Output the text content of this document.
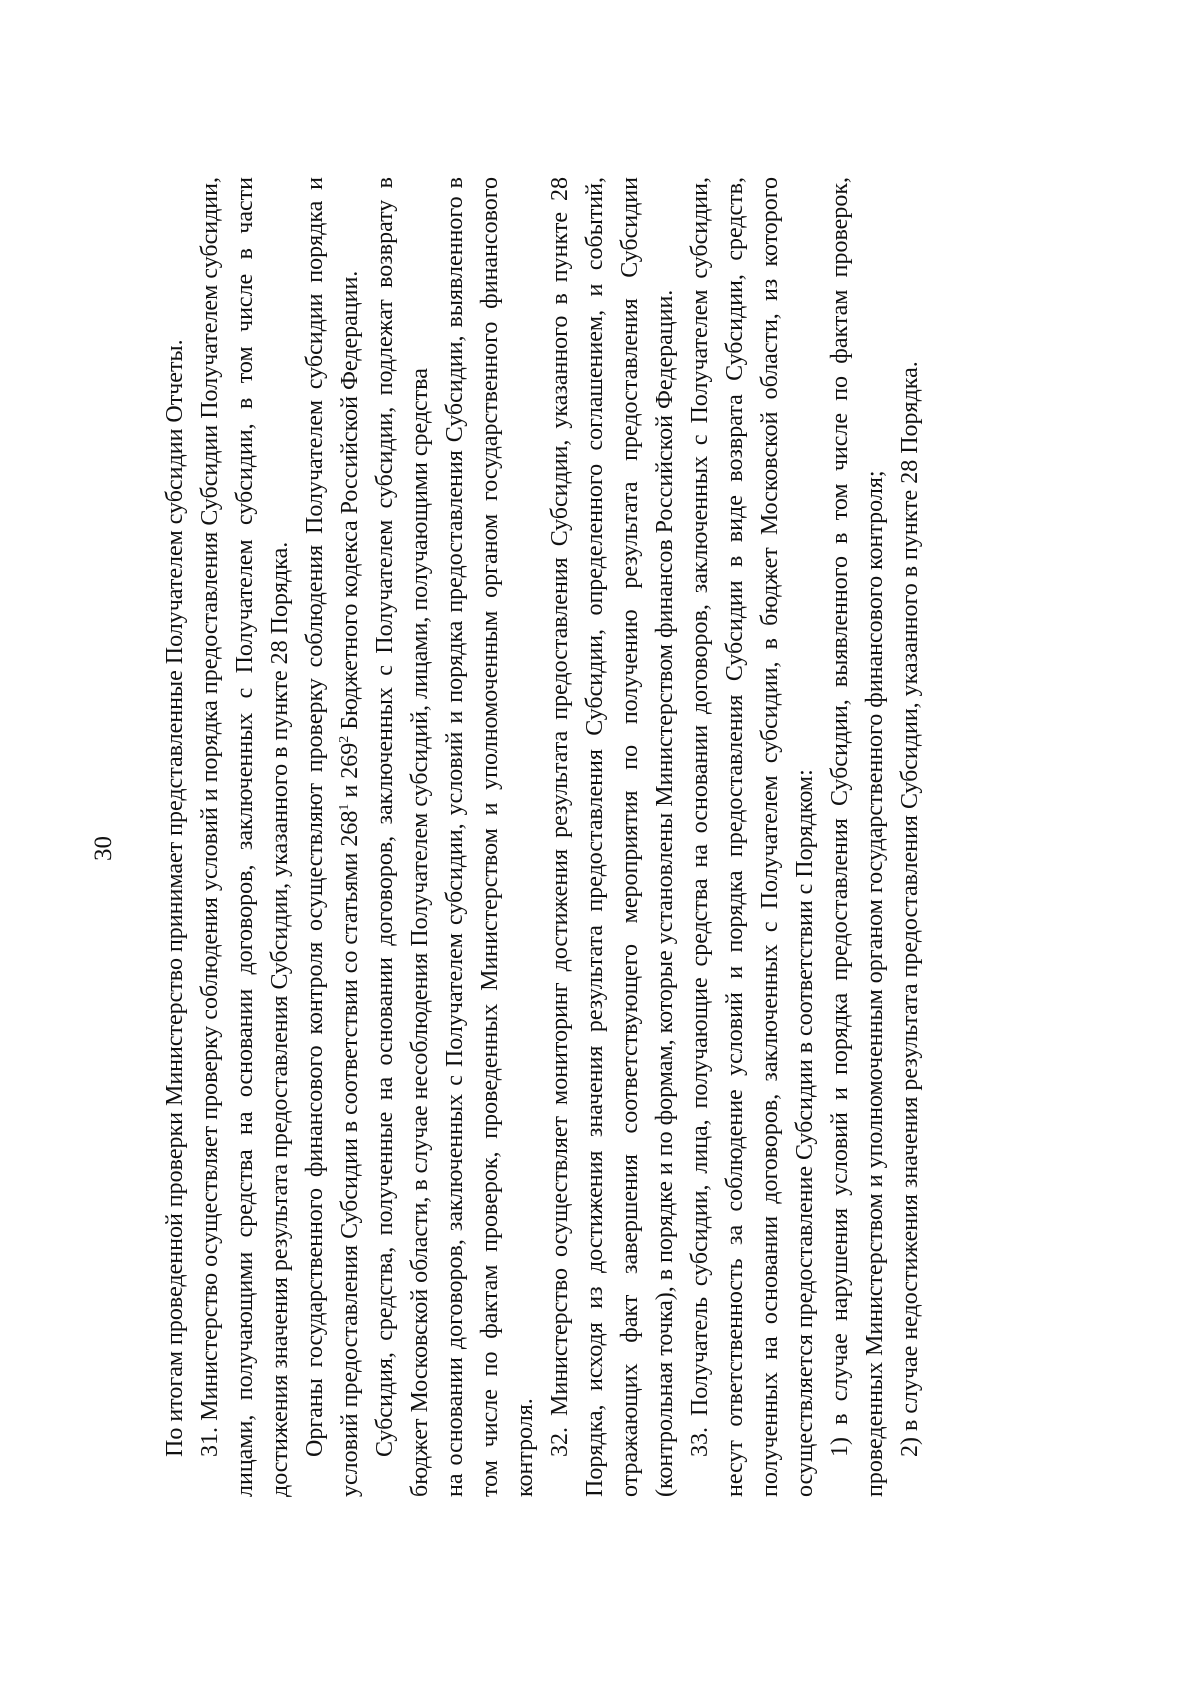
30 По итогам проведенной проверки Министерство принимает представленные Получателем субсидии Отчеты. 31. Министерство осуществляет проверку соблюдения условий и порядка предоставления Субсидии Получателем субсидии, лицами, получающими средства на основании договоров, заключенных с Получателем субсидии, в том числе в части достижения значения результата предоставления Субсидии, указанного в пункте 28 Порядка. Органы государственного финансового контроля осуществляют проверку соблюдения Получателем субсидии порядка и условий предоставления Субсидии в соответствии со статьями $268^1$ и $269^2$ Бюджетного кодекса Российской Федерации. Субсидия, средства, полученные на основании договоров, заключенных с Получателем субсидии, подлежат возврату в бюджет Московской области, в случае несоблюдения Получателем субсидий, лицами, получающими средства на основании договоров, заключенных с Получателем субсидии, условий и порядка предоставления Субсидии, выявленного в том числе по фактам проверок, проведенных Министерством и уполномоченным органом государственного финансового контроля. 32. Министерство осуществляет мониторинг достижения результата предоставления Субсидии, указанного в пункте 28 Порядка, исходя из достижения значения результата предоставления Субсидии, определенного соглашением, и событий, отражающих факт завершения соответствующего мероприятия по получению результата предоставления Субсидии (контрольная точка), в порядке и по формам, которые установлены Министерством финансов Российской Федерации. 33. Получатель субсидии, лица, получающие средства на основании договоров, заключенных с Получателем субсидии, несут ответственность за соблюдение условий и порядка предоставления Субсидии в виде возврата Субсидии, средств, полученных на основании договоров, заключенных с Получателем субсидии, в бюджет Московской области, из которого осуществляется предоставление Субсидии в соответствии с Порядком: 1) в случае нарушения условий и порядка предоставления Субсидии, выявленного в том числе по фактам проверок, проведенных Министерством и уполномоченным органом государственного финансового контроля; 2) в случае недостижения значения результата предоставления Субсидии, указанного в пункте 28 Порядка.
